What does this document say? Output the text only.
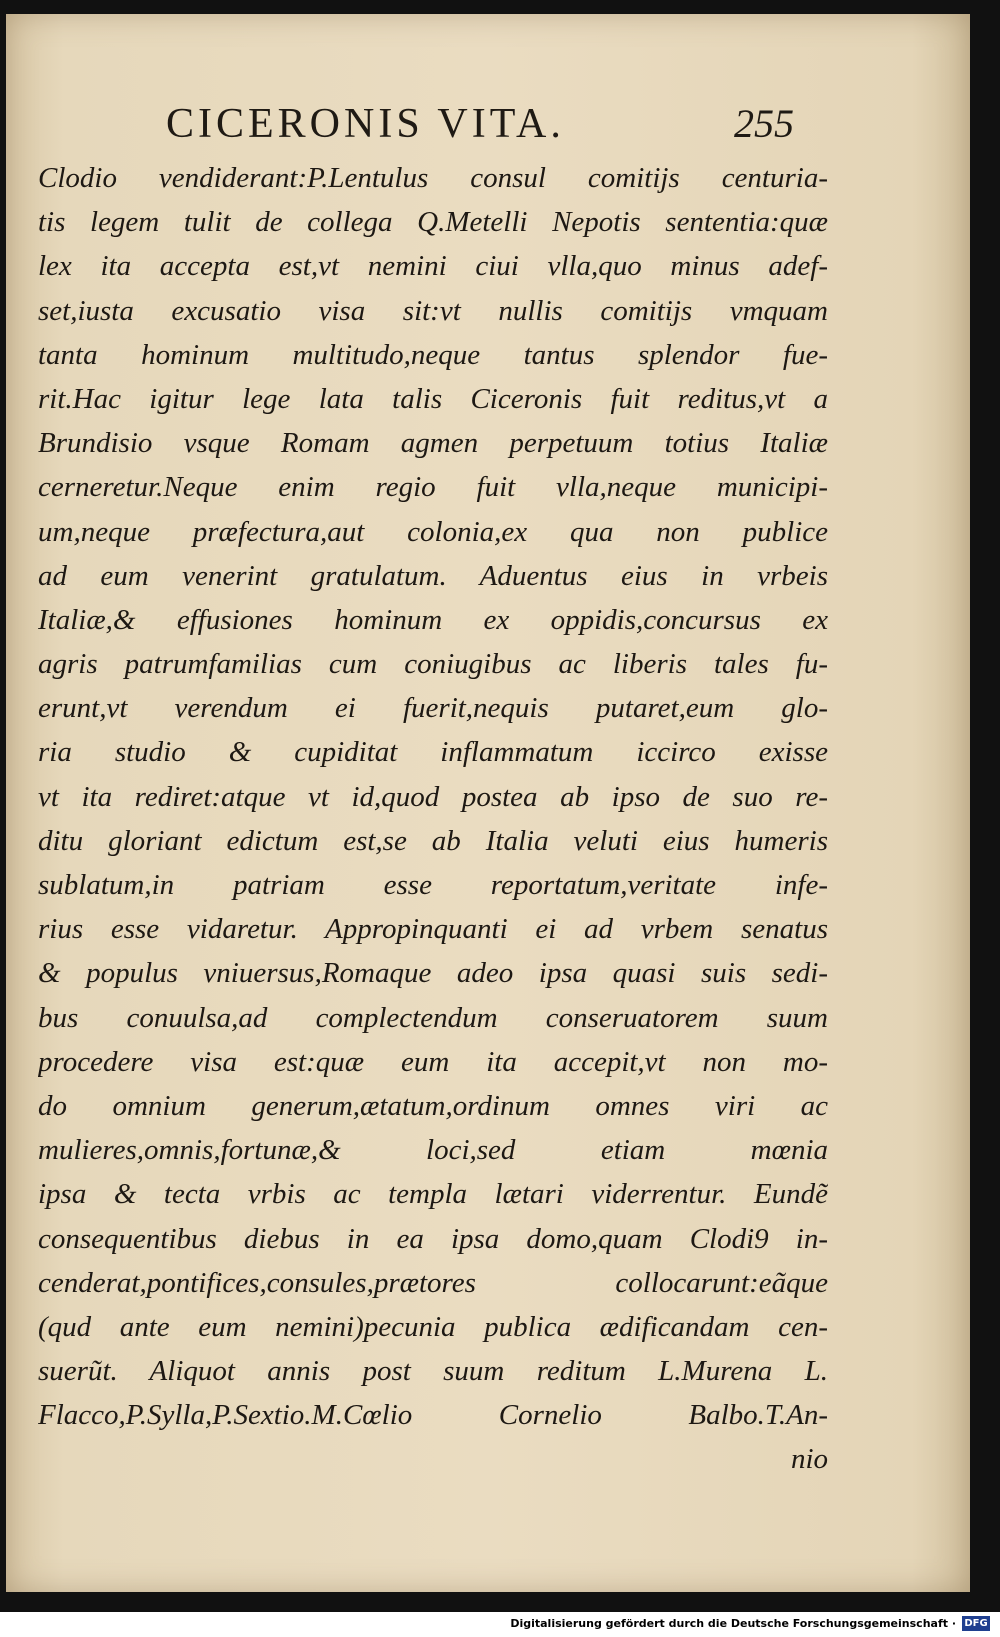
CICERONIS VITA.	255
Clodio vendiderant:P.Lentulus consul comitijs centuria-
tis legem tulit de collega Q.Metelli Nepotis sententia:quæ
lex ita accepta est,vt nemini ciui vlla,quo minus adef-
set,iusta excusatio visa sit:vt nullis comitijs vmquam
tanta hominum multitudo,neque tantus splendor fue-
rit.Hac igitur lege lata talis Ciceronis fuit reditus,vt a
Brundisio vsque Romam agmen perpetuum totius Italiæ
cerneretur.Neque enim regio fuit vlla,neque municipi-
um,neque præfectura,aut colonia,ex qua non publice
ad eum venerint gratulatum. Aduentus eius in vrbeis
Italiæ,& effusiones hominum ex oppidis,concursus ex
agris patrumfamilias cum coniugibus ac liberis tales fu-
erunt,vt verendum ei fuerit,nequis putaret,eum glo-
ria studio & cupiditat inflammatum iccirco exisse
vt ita rediret:atque vt id,quod postea ab ipso de suo re-
ditu gloriant edictum est,se ab Italia veluti eius humeris
sublatum,in patriam esse reportatum,veritate infe-
rius esse vidaretur. Appropinquanti ei ad vrbem senatus
& populus vniuersus,Romaque adeo ipsa quasi suis sedi-
bus conuulsa,ad complectendum conseruatorem suum
procedere visa est:quæ eum ita accepit,vt non mo-
do omnium generum,ætatum,ordinum omnes viri ac
mulieres,omnis,fortunæ,& loci,sed etiam mœnia
ipsa & tecta vrbis ac templa lætari viderrentur. Eundẽ
consequentibus diebus in ea ipsa domo,quam Clodi9 in-
cenderat,pontifices,consules,prætores collocarunt:eãque
(qud ante eum nemini)pecunia publica ædificandam cen-
suerũt. Aliquot annis post suum reditum L.Murena L.
Flacco,P.Sylla,P.Sextio.M.Cœlio Cornelio Balbo.T.An-
nio
Digitalisierung gefördert durch die Deutsche Forschungsgemeinschaft · DFG
